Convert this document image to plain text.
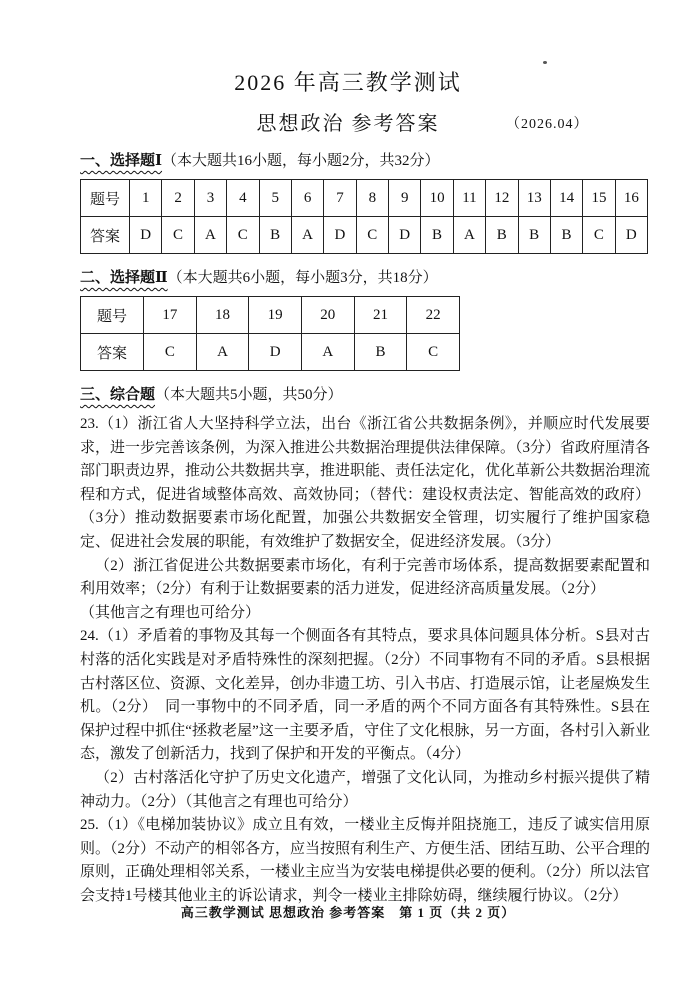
2026 年高三教学测试
思想政治 参考答案	（2026.04）

一、选择题Ⅰ（本大题共16小题，每小题2分，共32分）

题号	1	2	3	4	5	6	7	8	9	10	11	12	13	14	15	16
答案	D	C	A	C	B	A	D	C	D	B	A	B	B	B	C	D

二、选择题Ⅱ（本大题共6小题，每小题3分，共18分）

题号	17	18	19	20	21	22
答案	C	A	D	A	B	C

三、综合题（本大题共5小题，共50分）

23.（1）浙江省人大坚持科学立法，出台《浙江省公共数据条例》，并顺应时代发展要求，进一步完善该条例，为深入推进公共数据治理提供法律保障。（3分）省政府厘清各部门职责边界，推动公共数据共享，推进职能、责任法定化，优化革新公共数据治理流程和方式，促进省域整体高效、高效协同；（替代：建设权责法定、智能高效的政府）（3分）推动数据要素市场化配置，加强公共数据安全管理，切实履行了维护国家稳定、促进社会发展的职能，有效维护了数据安全，促进经济发展。（3分）

（2）浙江省促进公共数据要素市场化，有利于完善市场体系，提高数据要素配置和利用效率；（2分）有利于让数据要素的活力迸发，促进经济高质量发展。（2分）

（其他言之有理也可给分）

24.（1）矛盾着的事物及其每一个侧面各有其特点，要求具体问题具体分析。S县对古村落的活化实践是对矛盾特殊性的深刻把握。（2分）不同事物有不同的矛盾。S县根据古村落区位、资源、文化差异，创办非遗工坊、引入书店、打造展示馆，让老屋焕发生机。（2分）　同一事物中的不同矛盾，同一矛盾的两个不同方面各有其特殊性。S县在保护过程中抓住“拯救老屋”这一主要矛盾，守住了文化根脉，另一方面，各村引入新业态，激发了创新活力，找到了保护和开发的平衡点。（4分）

（2）古村落活化守护了历史文化遗产，增强了文化认同，为推动乡村振兴提供了精神动力。（2分）（其他言之有理也可给分）

25.（1）《电梯加装协议》成立且有效，一楼业主反悔并阻挠施工，违反了诚实信用原则。（2分）不动产的相邻各方，应当按照有利生产、方便生活、团结互助、公平合理的原则，正确处理相邻关系，一楼业主应当为安装电梯提供必要的便利。（2分）所以法官会支持1号楼其他业主的诉讼请求，判令一楼业主排除妨碍，继续履行协议。（2分）

高三教学测试 思想政治 参考答案　第 1 页（共 2 页）
